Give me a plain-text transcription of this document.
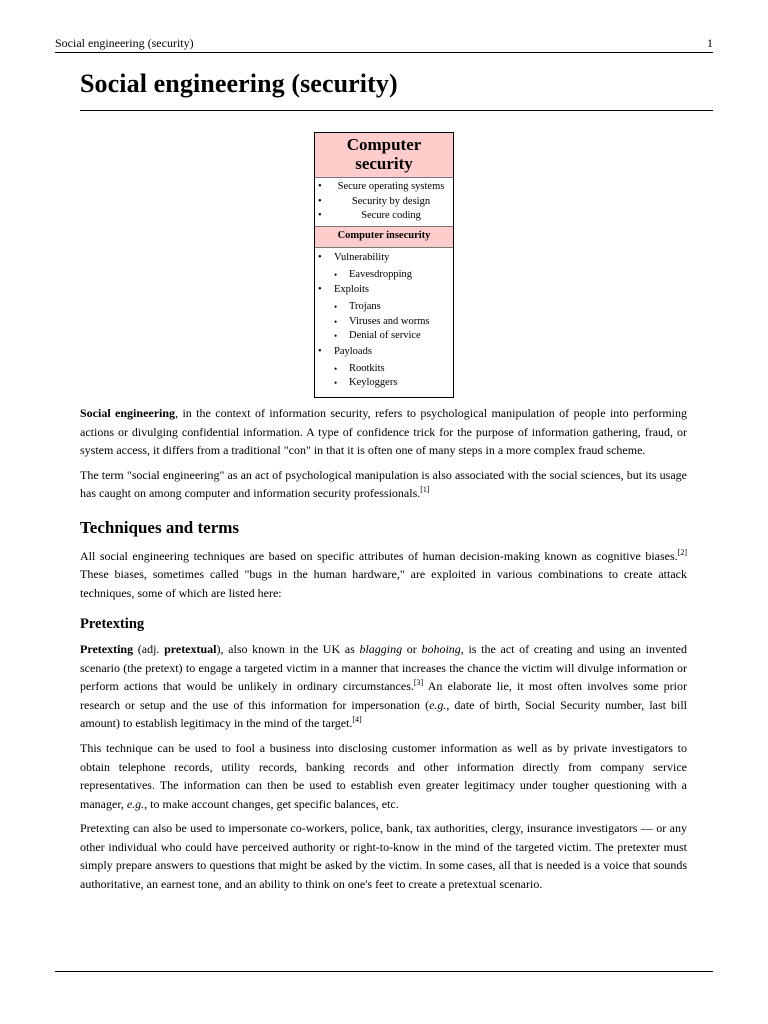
Social engineering (security)	1
Social engineering (security)
Computer security
• Secure operating systems
• Security by design
• Secure coding
Computer insecurity
• Vulnerability
• Eavesdropping
• Exploits
• Trojans
• Viruses and worms
• Denial of service
• Payloads
• Rootkits
• Keyloggers

Social engineering, in the context of information security, refers to psychological manipulation of people into performing actions or divulging confidential information. A type of confidence trick for the purpose of information gathering, fraud, or system access, it differs from a traditional "con" in that it is often one of many steps in a more complex fraud scheme.

The term "social engineering" as an act of psychological manipulation is also associated with the social sciences, but its usage has caught on among computer and information security professionals.[1]

Techniques and terms

All social engineering techniques are based on specific attributes of human decision-making known as cognitive biases.[2] These biases, sometimes called "bugs in the human hardware," are exploited in various combinations to create attack techniques, some of which are listed here:

Pretexting

Pretexting (adj. pretextual), also known in the UK as blagging or bohoing, is the act of creating and using an invented scenario (the pretext) to engage a targeted victim in a manner that increases the chance the victim will divulge information or perform actions that would be unlikely in ordinary circumstances.[3] An elaborate lie, it most often involves some prior research or setup and the use of this information for impersonation (e.g., date of birth, Social Security number, last bill amount) to establish legitimacy in the mind of the target.[4]

This technique can be used to fool a business into disclosing customer information as well as by private investigators to obtain telephone records, utility records, banking records and other information directly from company service representatives. The information can then be used to establish even greater legitimacy under tougher questioning with a manager, e.g., to make account changes, get specific balances, etc.

Pretexting can also be used to impersonate co-workers, police, bank, tax authorities, clergy, insurance investigators — or any other individual who could have perceived authority or right-to-know in the mind of the targeted victim. The pretexter must simply prepare answers to questions that might be asked by the victim. In some cases, all that is needed is a voice that sounds authoritative, an earnest tone, and an ability to think on one's feet to create a pretextual scenario.
